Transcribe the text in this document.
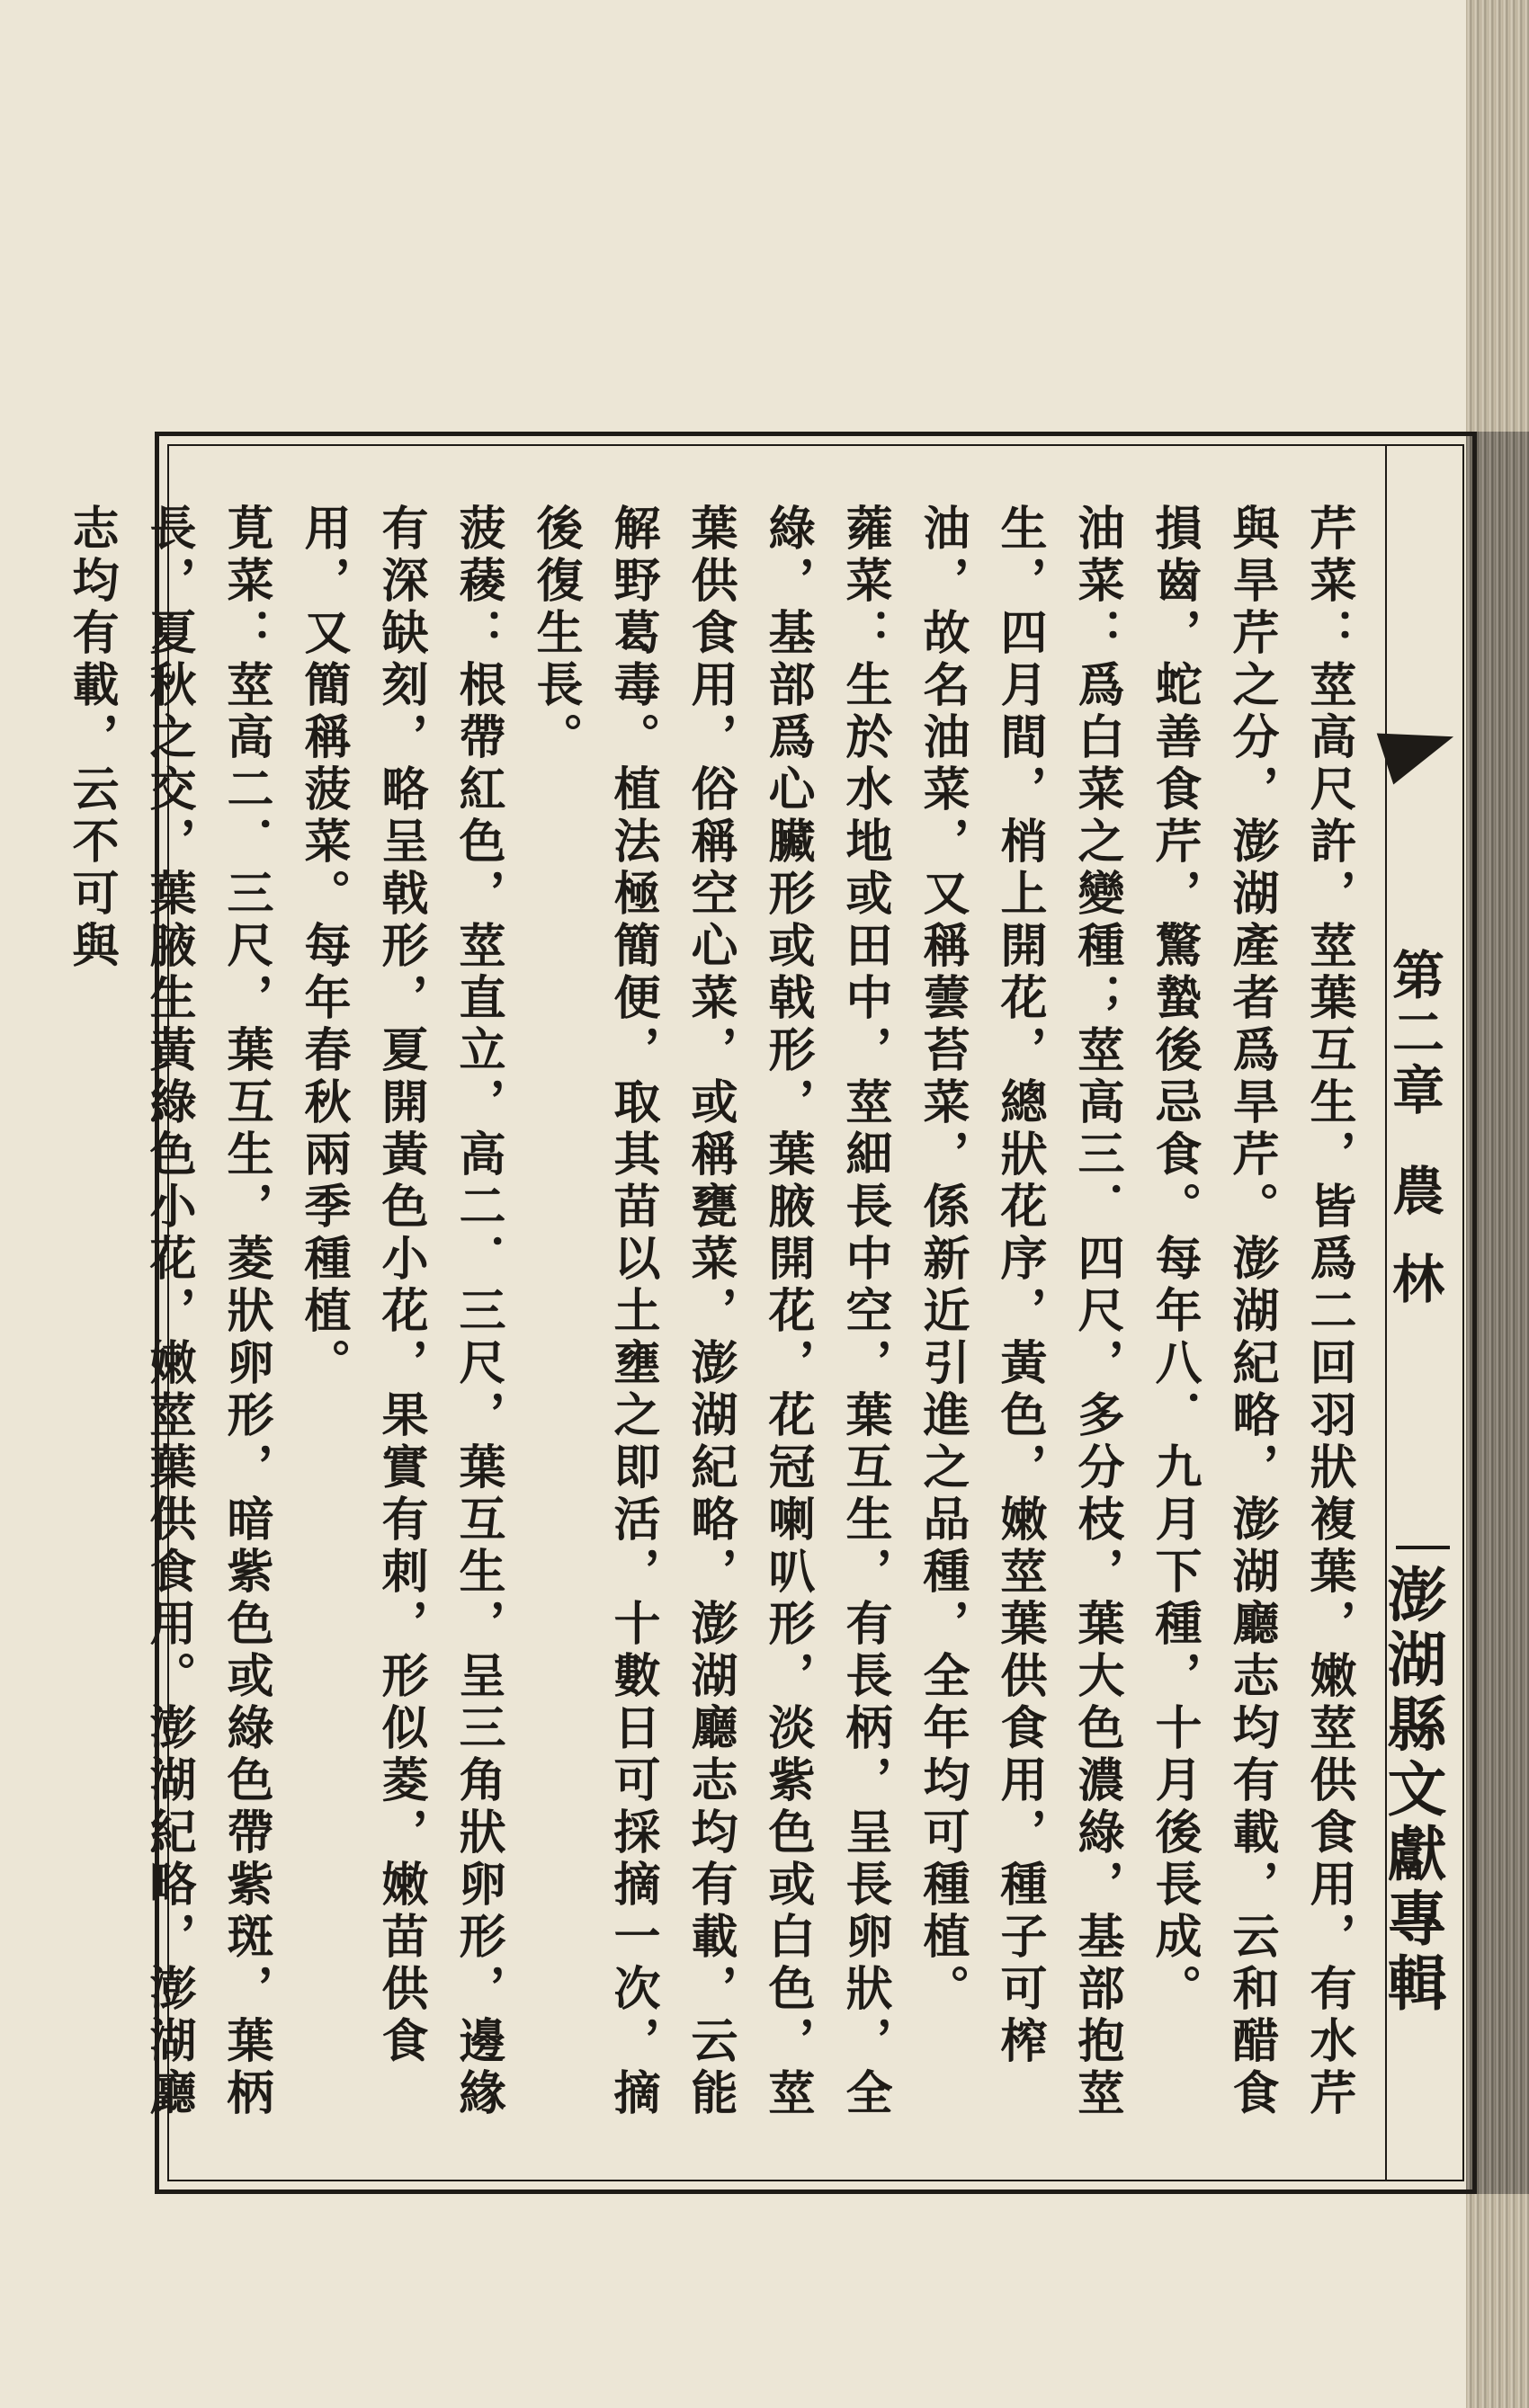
第二章
農林
澎湖縣文獻專輯

芹菜：莖高尺許，莖葉互生，皆爲二回羽狀複葉，嫩莖供食用，有水芹與旱芹之分，澎湖產者爲旱芹。澎湖紀略，澎湖廳志均有載，云和醋食損齒，蛇善食芹，驚蟄後忌食。每年八．九月下種，十月後長成。

油菜：爲白菜之變種；莖高三．四尺，多分枝，葉大色濃綠，基部抱莖生，四月間，梢上開花，總狀花序，黃色，嫩莖葉供食用，種子可榨油，故名油菜，又稱蕓苔菜，係新近引進之品種，全年均可種植。

蕹菜：生於水地或田中，莖細長中空，葉互生，有長柄，呈長卵狀，全綠，基部爲心臟形或戟形，葉腋開花，花冠喇叭形，淡紫色或白色，莖葉供食用，俗稱空心菜，或稱甕菜，澎湖紀略，澎湖廳志均有載，云能解野葛毒。植法極簡便，取其苗以土壅之即活，十數日可採摘一次，摘後復生長。

菠薐：根帶紅色，莖直立，高二．三尺，葉互生，呈三角狀卵形，邊緣有深缺刻，略呈戟形，夏開黃色小花，果實有刺，形似菱，嫩苗供食用，又簡稱菠菜。每年春秋兩季種植。

莧菜：莖高二．三尺，葉互生，菱狀卵形，暗紫色或綠色帶紫斑，葉柄長，夏秋之交，葉腋生黃綠色小花，嫩莖葉供食用。澎湖紀略，澎湖廳志均有載，云不可與
